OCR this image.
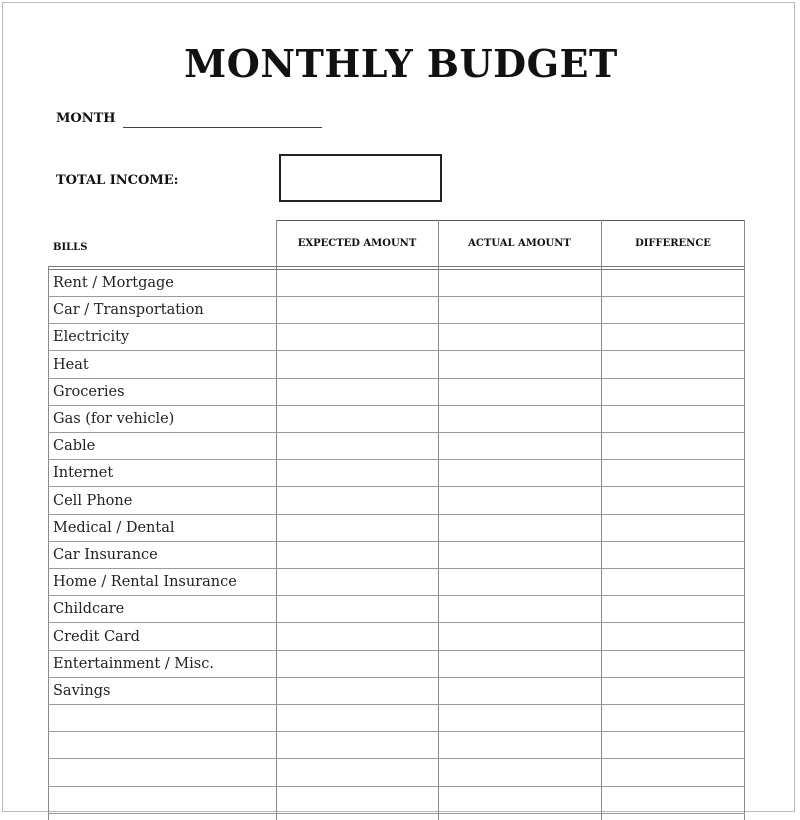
MONTHLY BUDGET
MONTH
TOTAL INCOME:
BILLS	EXPECTED AMOUNT	ACTUAL AMOUNT	DIFFERENCE
Rent / Mortgage
Car / Transportation
Electricity
Heat
Groceries
Gas (for vehicle)
Cable
Internet
Cell Phone
Medical / Dental
Car Insurance
Home / Rental Insurance
Childcare
Credit Card
Entertainment / Misc.
Savings
